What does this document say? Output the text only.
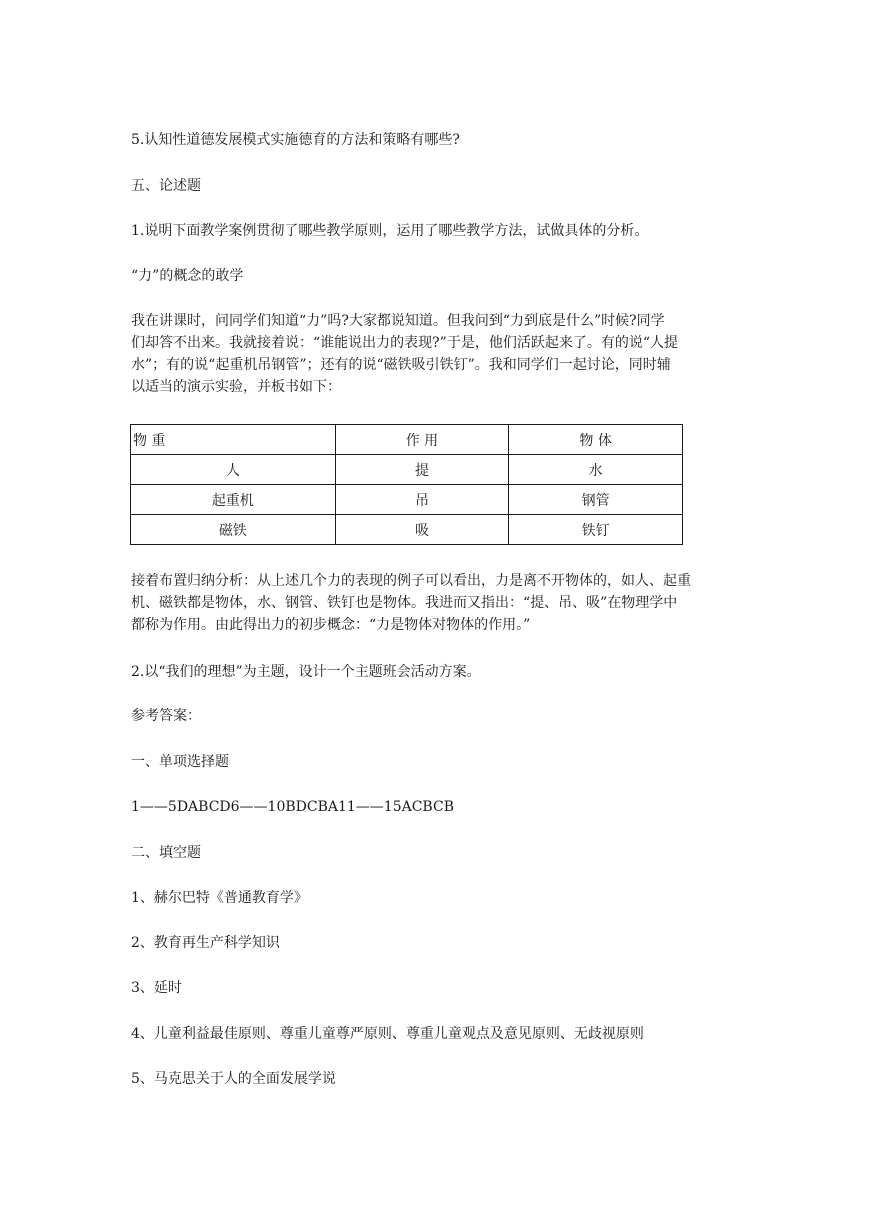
5.认知性道德发展模式实施德育的方法和策略有哪些?

五、论述题

1.说明下面教学案例贯彻了哪些教学原则，运用了哪些教学方法，试做具体的分析。

“力”的概念的敢学

我在讲课时，问同学们知道“力”吗?大家都说知道。但我问到“力到底是什么”时候?同学
们却答不出来。我就接着说：“谁能说出力的表现?”于是，他们活跃起来了。有的说“人提
水”；有的说“起重机吊钢管”；还有的说“磁铁吸引铁钉”。我和同学们一起讨论，同时辅
以适当的演示实验，并板书如下：
物 重	作 用	物 体
人	提	水
起重机	吊	钢管
磁铁	吸	铁钉
接着布置归纳分析：从上述几个力的表现的例子可以看出，力是离不开物体的，如人、起重
机、磁铁都是物体，水、钢管、铁钉也是物体。我进而又指出：“提、吊、吸”在物理学中
都称为作用。由此得出力的初步概念：“力是物体对物体的作用。”

2.以“我们的理想”为主题，设计一个主题班会活动方案。

参考答案：

一、单项选择题

1——5DABCD6——10BDCBA11——15ACBCB

二、填空题

1、赫尔巴特《普通教育学》

2、教育再生产科学知识

3、延时

4、儿童利益最佳原则、尊重儿童尊严原则、尊重儿童观点及意见原则、无歧视原则

5、马克思关于人的全面发展学说
